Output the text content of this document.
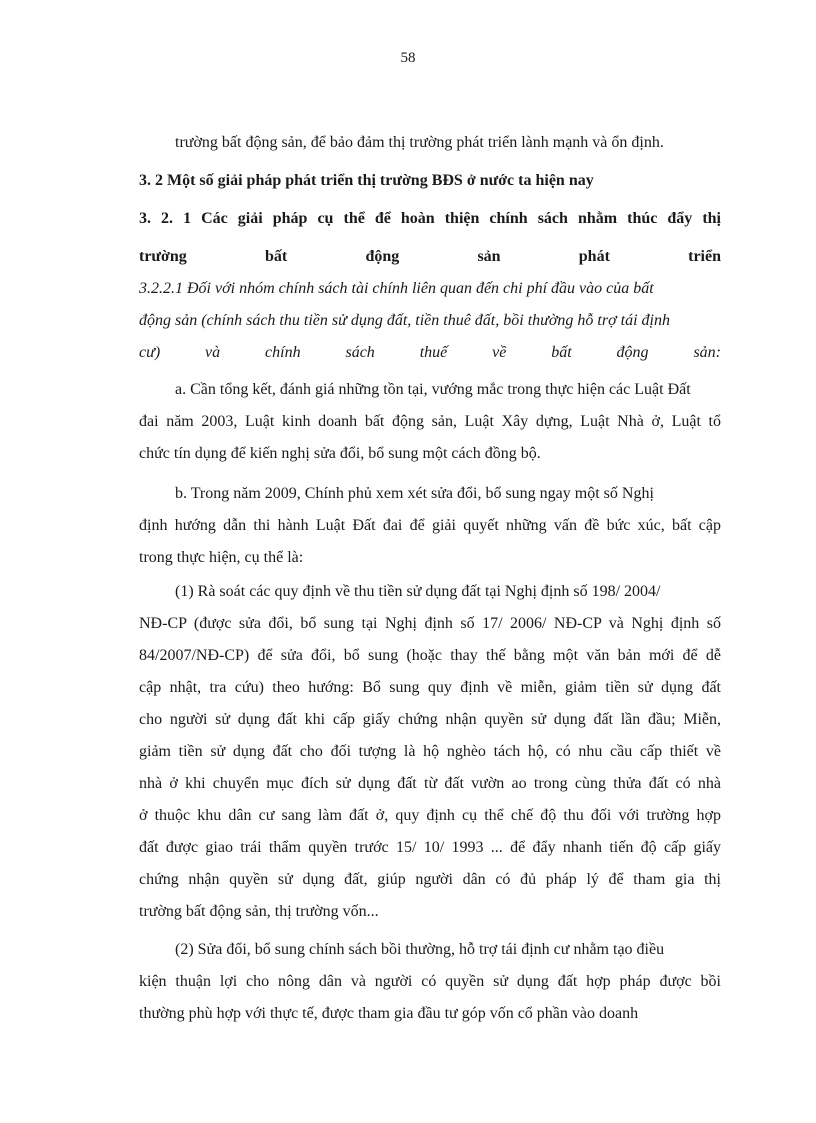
58
trường bất động sản, để bảo đảm thị trường phát triển lành mạnh và ổn định.
3. 2 Một số giải pháp phát triển thị trường BĐS ở nước ta hiện nay
3. 2. 1 Các giải pháp cụ thể để hoàn thiện chính sách nhằm thúc đẩy thị
trường bất động sản phát triển
3.2.2.1 Đối với nhóm chính sách tài chính liên quan đến chi phí đầu vào của bất
động sản (chính sách thu tiền sử dụng đất, tiền thuê đất, bồi thường hỗ trợ tái định
cư) và chính sách thuế về bất động sản:
a. Cần tổng kết, đánh giá những tồn tại, vướng mắc trong thực hiện các Luật Đất
đai năm 2003, Luật kinh doanh bất động sản, Luật Xây dựng, Luật Nhà ở, Luật tổ
chức tín dụng để kiến nghị sửa đổi, bổ sung một cách đồng bộ.
b. Trong năm 2009, Chính phủ xem xét sửa đổi, bổ sung ngay một số Nghị
định hướng dẫn thi hành Luật Đất đai để giải quyết những vấn đề bức xúc, bất cập
trong thực hiện, cụ thể là:
(1) Rà soát các quy định về thu tiền sử dụng đất tại Nghị định số 198/ 2004/
NĐ-CP (được sửa đổi, bổ sung tại Nghị định số 17/ 2006/ NĐ-CP và Nghị định số
84/2007/NĐ-CP) để sửa đổi, bổ sung (hoặc thay thế bằng một văn bản mới để dễ
cập nhật, tra cứu) theo hướng: Bổ sung quy định về miễn, giảm tiền sử dụng đất
cho người sử dụng đất khi cấp giấy chứng nhận quyền sử dụng đất lần đầu; Miễn,
giảm tiền sử dụng đất cho đối tượng là hộ nghèo tách hộ, có nhu cầu cấp thiết về
nhà ở khi chuyển mục đích sử dụng đất từ đất vườn ao trong cùng thửa đất có nhà
ở thuộc khu dân cư sang làm đất ở, quy định cụ thể chế độ thu đối với trường hợp
đất được giao trái thẩm quyền trước 15/ 10/ 1993 ... để đẩy nhanh tiến độ cấp giấy
chứng nhận quyền sử dụng đất, giúp người dân có đủ pháp lý để tham gia thị
trường bất động sản, thị trường vốn...
(2) Sửa đổi, bổ sung chính sách bồi thường, hỗ trợ tái định cư nhằm tạo điều
kiện thuận lợi cho nông dân và người có quyền sử dụng đất hợp pháp được bồi
thường phù hợp với thực tế, được tham gia đầu tư góp vốn cổ phần vào doanh
